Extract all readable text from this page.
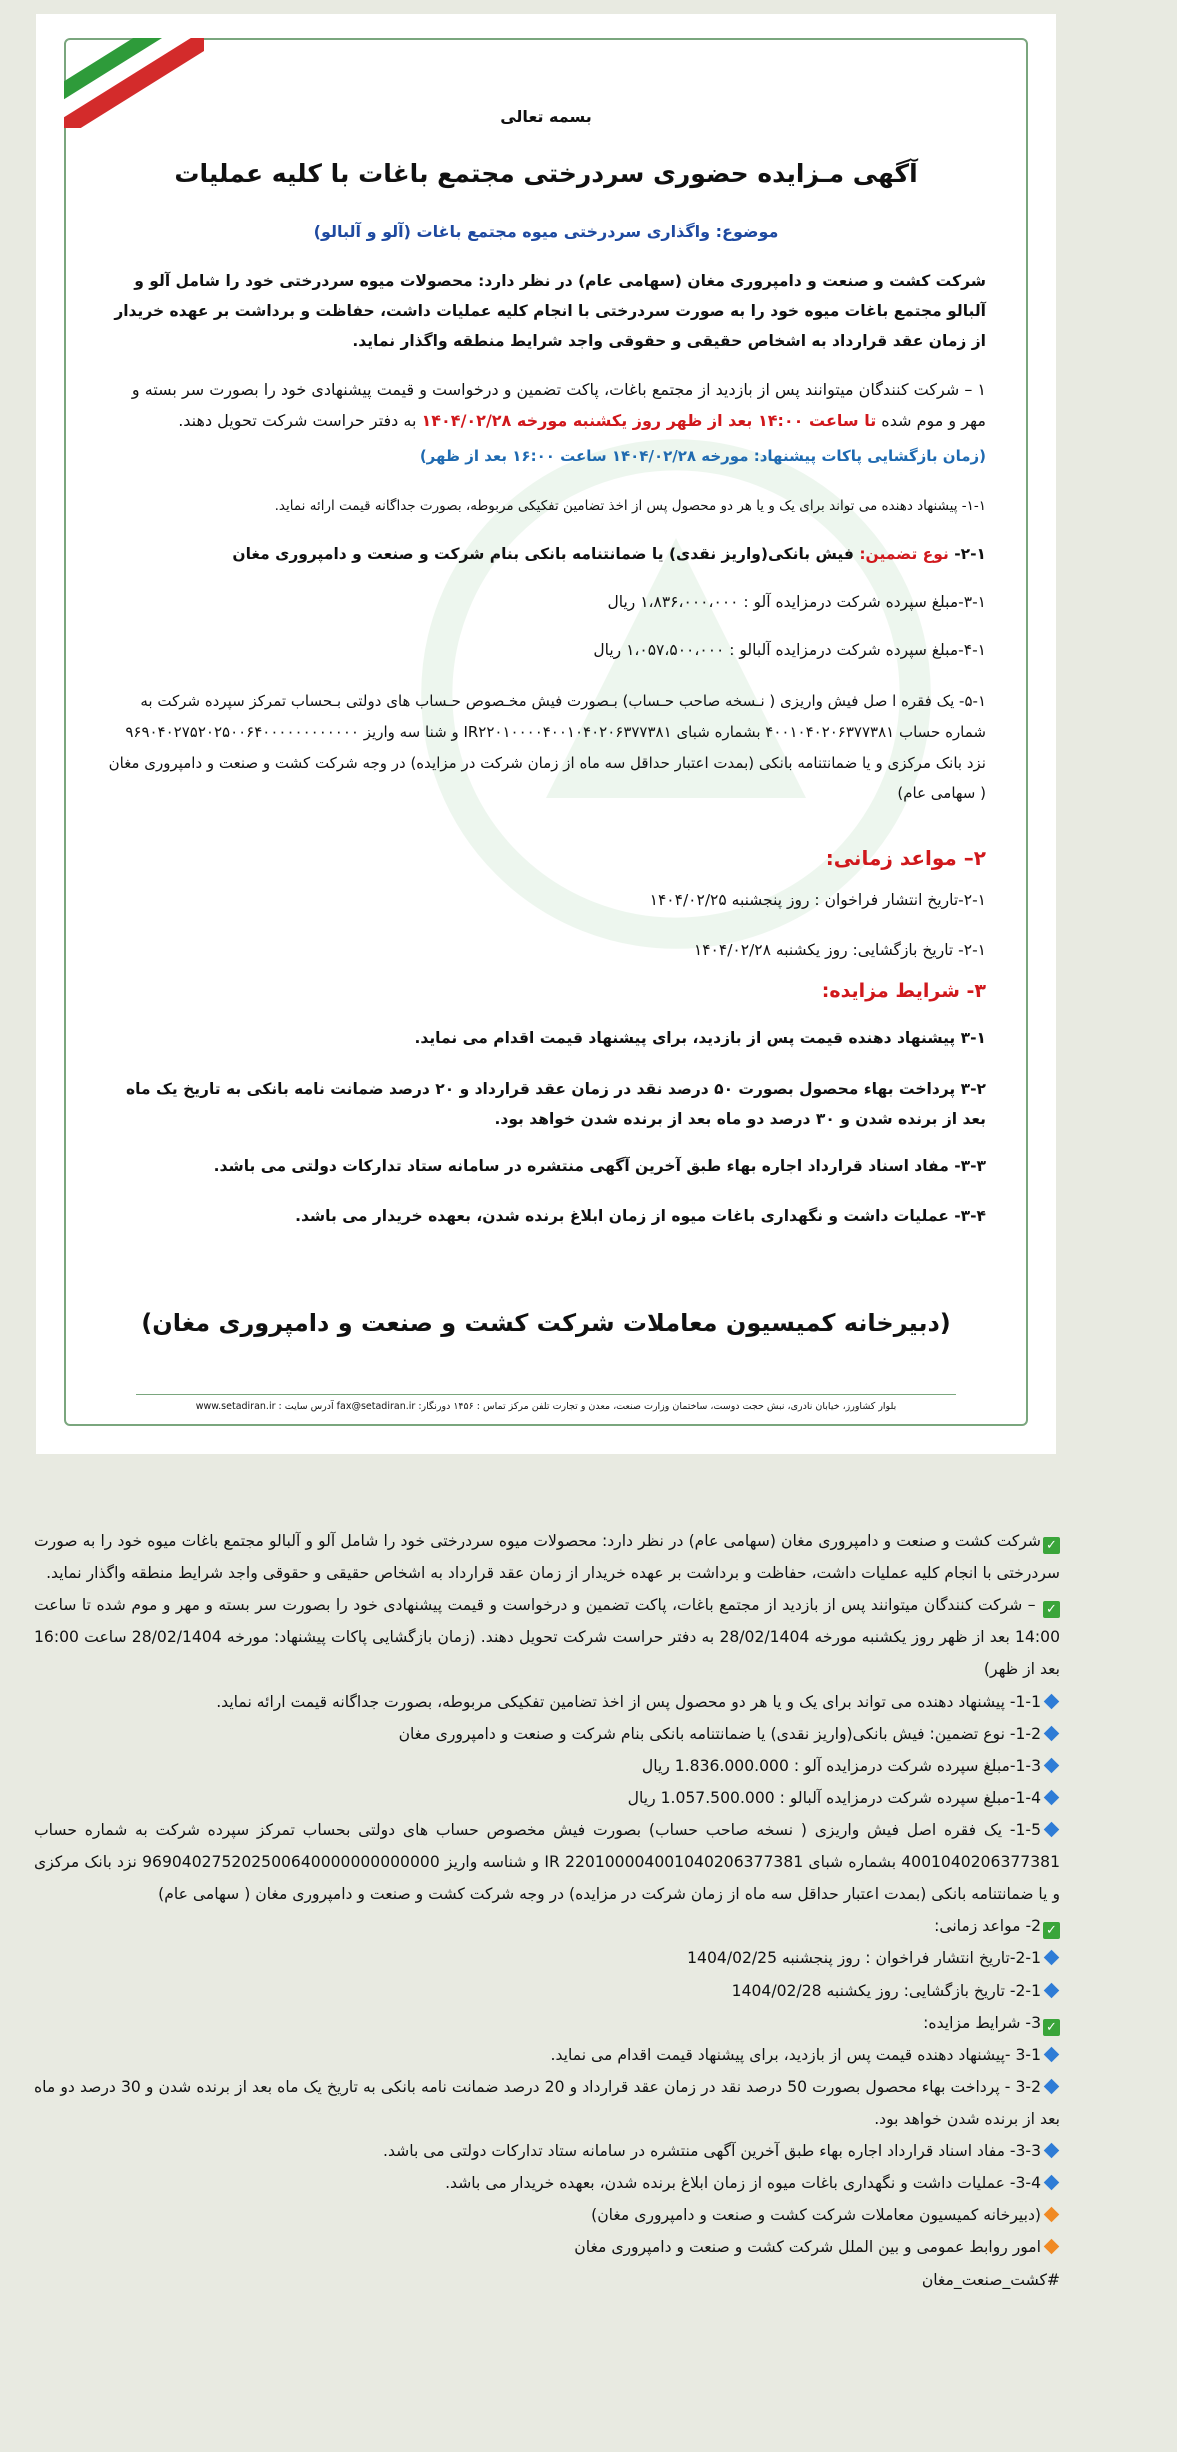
بسمه تعالی
آگهی مـزایده حضوری سردرختی مجتمع باغات با کلیه عملیات
موضوع: واگذاری سردرختی میوه مجتمع باغات (آلو و آلبالو)
شرکت کشت و صنعت و دامپروری مغان (سهامی عام) در نظر دارد: محصولات میوه سردرختی خود را شامل آلو و آلبالو مجتمع باغات میوه خود را به صورت سردرختی با انجام کلیه عملیات داشت، حفاظت و برداشت بر عهده خریدار از زمان عقد قرارداد به اشخاص حقیقی و حقوقی واجد شرایط منطقه واگذار نماید.
۱ – شرکت کنندگان میتوانند پس از بازدید از مجتمع باغات، پاکت تضمین و درخواست و قیمت پیشنهادی خود را بصورت سر بسته و مهر و موم شده تا ساعت ۱۴:۰۰ بعد از ظهر روز یکشنبه مورخه ۱۴۰۴/۰۲/۲۸ به دفتر حراست شرکت تحویل دهند.
(زمان بازگشایی پاکات پیشنهاد: مورخه ۱۴۰۴/۰۲/۲۸ ساعت ۱۶:۰۰ بعد از ظهر)
۱-۱- پیشنهاد دهنده می تواند برای یک و یا هر دو محصول پس از اخذ تضامین تفکیکی مربوطه، بصورت جداگانه قیمت ارائه نماید.
۲-۱- نوع تضمین: فیش بانکی(واریز نقدی) یا ضمانتنامه بانکی بنام شرکت و صنعت و دامپروری مغان
۳-۱-مبلغ سپرده شرکت درمزایده آلو : ۱،۸۳۶،۰۰۰،۰۰۰ ریال
۴-۱-مبلغ سپرده شرکت درمزایده آلبالو : ۱،۰۵۷،۵۰۰،۰۰۰ ریال
۵-۱- یک فقره ا صل فیش واریزی ( نـسخه صاحب حـساب) بـصورت فیش مخـصوص حـساب های دولتی بـحساب تمرکز سپرده شرکت به شماره حساب ۴۰۰۱۰۴۰۲۰۶۳۷۷۳۸۱ بشماره شبای IR۲۲۰۱۰۰۰۰۴۰۰۱۰۴۰۲۰۶۳۷۷۳۸۱ و شنا سه واریز ۹۶۹۰۴۰۲۷۵۲۰۲۵۰۰۶۴۰۰۰۰۰۰۰۰۰۰۰۰ نزد بانک مرکزی و یا ضمانتنامه بانکی (بمدت اعتبار حداقل سه ماه از زمان شرکت در مزایده) در وجه شرکت کشت و صنعت و دامپروری مغان ( سهامی عام)
۲– مواعد زمانی:
۲-۱-تاریخ انتشار فراخوان : روز پنجشنبه ۱۴۰۴/۰۲/۲۵
۲-۱- تاریخ بازگشایی: روز یکشنبه ۱۴۰۴/۰۲/۲۸
۳- شرایط مزایده:
۳-۱ پیشنهاد دهنده قیمت پس از بازدید، برای پیشنهاد قیمت اقدام می نماید.
۳-۲ پرداخت بهاء محصول بصورت ۵۰ درصد نقد در زمان عقد قرارداد و ۲۰ درصد ضمانت نامه بانکی به تاریخ یک ماه بعد از برنده شدن و ۳۰ درصد دو ماه بعد از برنده شدن خواهد بود.
۳-۳- مفاد اسناد قرارداد اجاره بهاء طبق آخرین آگهی منتشره در سامانه ستاد تدارکات دولتی می باشد.
۳-۴- عملیات داشت و نگهداری باغات میوه از زمان ابلاغ برنده شدن، بعهده خریدار می باشد.
(دبیرخانه کمیسیون معاملات شرکت کشت و صنعت و دامپروری مغان)
بلوار کشاورز، خیابان نادری، نبش حجت دوست، ساختمان وزارت صنعت، معدن و تجارت تلفن مرکز تماس : ۱۴۵۶ دورنگار: fax@setadiran.ir آدرس سایت : www.setadiran.ir

✓شرکت کشت و صنعت و دامپروری مغان (سهامی عام) در نظر دارد: محصولات میوه سردرختی خود را شامل آلو و آلبالو مجتمع باغات میوه خود را به صورت سردرختی با انجام کلیه عملیات داشت، حفاظت و برداشت بر عهده خریدار از زمان عقد قرارداد به اشخاص حقیقی و حقوقی واجد شرایط منطقه واگذار نماید.

✓ – شرکت کنندگان میتوانند پس از بازدید از مجتمع باغات، پاکت تضمین و درخواست و قیمت پیشنهادی خود را بصورت سر بسته و مهر و موم شده تا ساعت 14:00 بعد از ظهر روز یکشنبه مورخه 28/02/1404 به دفتر حراست شرکت تحویل دهند. (زمان بازگشایی پاکات پیشنهاد: مورخه 28/02/1404 ساعت 16:00 بعد از ظهر)

1-1- پیشنهاد دهنده می تواند برای یک و یا هر دو محصول پس از اخذ تضامین تفکیکی مربوطه، بصورت جداگانه قیمت ارائه نماید.

1-2- نوع تضمین: فیش بانکی(واریز نقدی) یا ضمانتنامه بانکی بنام شرکت و صنعت و دامپروری مغان

1-3-مبلغ سپرده شرکت درمزایده آلو : 1.836.000.000 ریال

1-4-مبلغ سپرده شرکت درمزایده آلبالو : 1.057.500.000 ریال

1-5- یک فقره اصل فیش واریزی ( نسخه صاحب حساب) بصورت فیش مخصوص حساب های دولتی بحساب تمرکز سپرده شرکت به شماره حساب 4001040206377381 بشماره شبای IR 220100004001040206377381 و شناسه واریز 969040275202500640000000000000 نزد بانک مرکزی و یا ضمانتنامه بانکی (بمدت اعتبار حداقل سه ماه از زمان شرکت در مزایده) در وجه شرکت کشت و صنعت و دامپروری مغان ( سهامی عام)

✓2- مواعد زمانی:

2-1-تاریخ انتشار فراخوان : روز پنجشنبه 1404/02/25

2-1- تاریخ بازگشایی: روز یکشنبه 1404/02/28

✓3- شرایط مزایده:

3-1 -پیشنهاد دهنده قیمت پس از بازدید، برای پیشنهاد قیمت اقدام می نماید.

3-2 - پرداخت بهاء محصول بصورت 50 درصد نقد در زمان عقد قرارداد و 20 درصد ضمانت نامه بانکی به تاریخ یک ماه بعد از برنده شدن و 30 درصد دو ماه بعد از برنده شدن خواهد بود.

3-3- مفاد اسناد قرارداد اجاره بهاء طبق آخرین آگهی منتشره در سامانه ستاد تدارکات دولتی می باشد.

3-4- عملیات داشت و نگهداری باغات میوه از زمان ابلاغ برنده شدن، بعهده خریدار می باشد.

(دبیرخانه کمیسیون معاملات شرکت کشت و صنعت و دامپروری مغان)

امور روابط عمومی و بین الملل شرکت کشت و صنعت و دامپروری مغان

#کشت_صنعت_مغان
